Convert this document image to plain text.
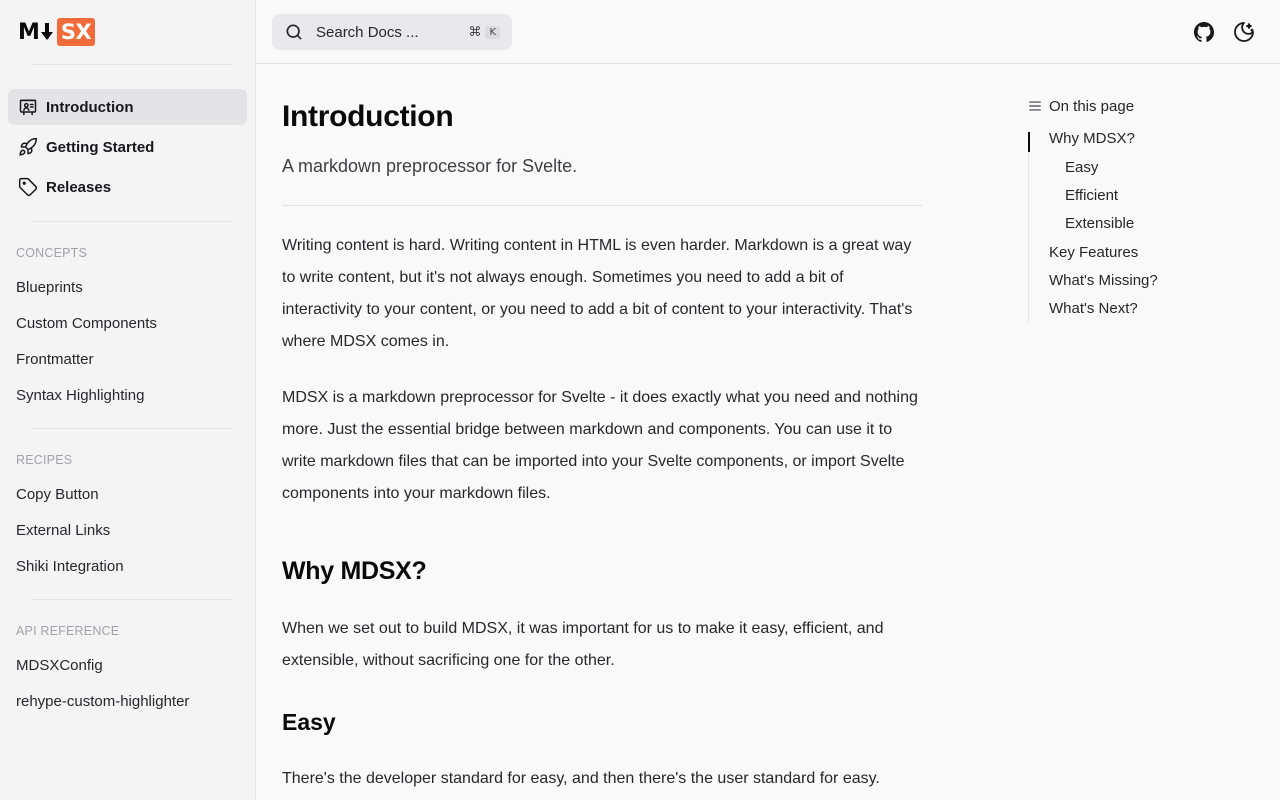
M SX
Introduction
Getting Started
Releases
CONCEPTS
Blueprints
Custom Components
Frontmatter
Syntax Highlighting
RECIPES
Copy Button
External Links
Shiki Integration
API REFERENCE
MDSXConfig
rehype-custom-highlighter
Search Docs ...	⌘ K
Introduction

A markdown preprocessor for Svelte.

Writing content is hard. Writing content in HTML is even harder. Markdown is a great way to write content, but it's not always enough. Sometimes you need to add a bit of interactivity to your content, or you need to add a bit of content to your interactivity. That's where MDSX comes in.

MDSX is a markdown preprocessor for Svelte - it does exactly what you need and nothing more. Just the essential bridge between markdown and components. You can use it to write markdown files that can be imported into your Svelte components, or import Svelte components into your markdown files.

Why MDSX?

When we set out to build MDSX, it was important for us to make it easy, efficient, and extensible, without sacrificing one for the other.

Easy

There's the developer standard for easy, and then there's the user standard for easy.

On this page
Why MDSX?
Easy
Efficient
Extensible
Key Features
What's Missing?
What's Next?
